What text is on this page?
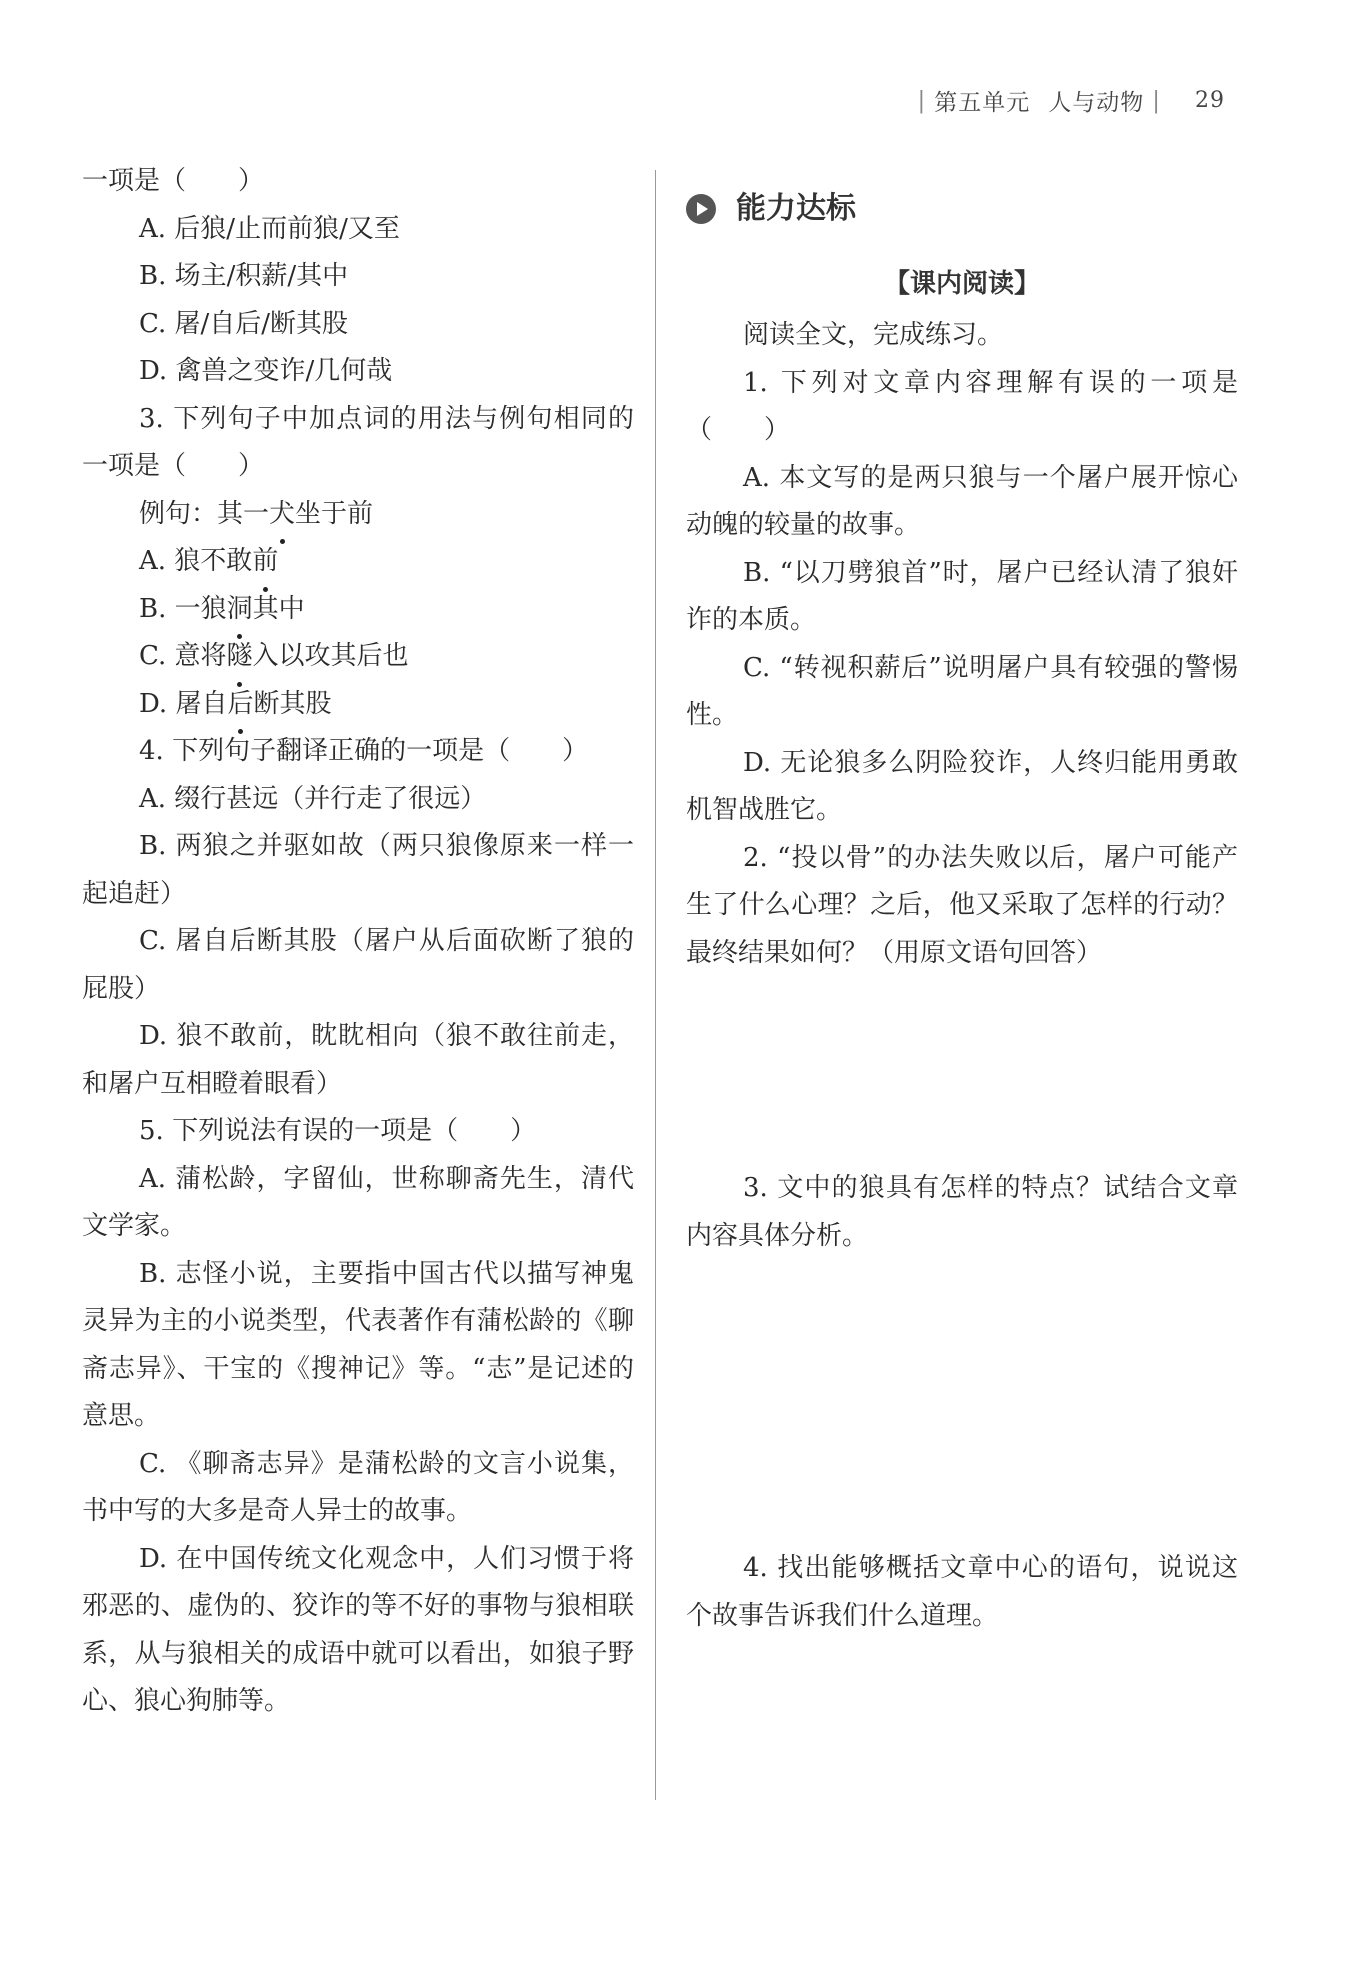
| 第五单元 人与动物 | 29

一项是（　　）

A. 后狼/止而前狼/又至

B. 场主/积薪/其中

C. 屠/自后/断其股

D. 禽兽之变诈/几何哉

3. 下列句子中加点词的用法与例句相同的一项是（　　）

例句：其一犬坐于前

A. 狼不敢前

B. 一狼洞其中

C. 意将隧入以攻其后也

D. 屠自后断其股

4. 下列句子翻译正确的一项是（　　）

A. 缀行甚远（并行走了很远）

B. 两狼之并驱如故（两只狼像原来一样一起追赶）

C. 屠自后断其股（屠户从后面砍断了狼的屁股）

D. 狼不敢前，眈眈相向（狼不敢往前走，和屠户互相瞪着眼看）

5. 下列说法有误的一项是（　　）

A. 蒲松龄，字留仙，世称聊斋先生，清代文学家。

B. 志怪小说，主要指中国古代以描写神鬼灵异为主的小说类型，代表著作有蒲松龄的《聊斋志异》、干宝的《搜神记》等。“志”是记述的意思。

C. 《聊斋志异》是蒲松龄的文言小说集，书中写的大多是奇人异士的故事。

D. 在中国传统文化观念中，人们习惯于将邪恶的、虚伪的、狡诈的等不好的事物与狼相联系，从与狼相关的成语中就可以看出，如狼子野心、狼心狗肺等。

能力达标

【课内阅读】

阅读全文，完成练习。

1. 下列对文章内容理解有误的一项是（　　）

A. 本文写的是两只狼与一个屠户展开惊心动魄的较量的故事。

B. “以刀劈狼首”时，屠户已经认清了狼奸诈的本质。

C. “转视积薪后”说明屠户具有较强的警惕性。

D. 无论狼多么阴险狡诈，人终归能用勇敢机智战胜它。

2. “投以骨”的办法失败以后，屠户可能产生了什么心理？之后，他又采取了怎样的行动？最终结果如何？（用原文语句回答）

3. 文中的狼具有怎样的特点？试结合文章内容具体分析。

4. 找出能够概括文章中心的语句，说说这个故事告诉我们什么道理。
